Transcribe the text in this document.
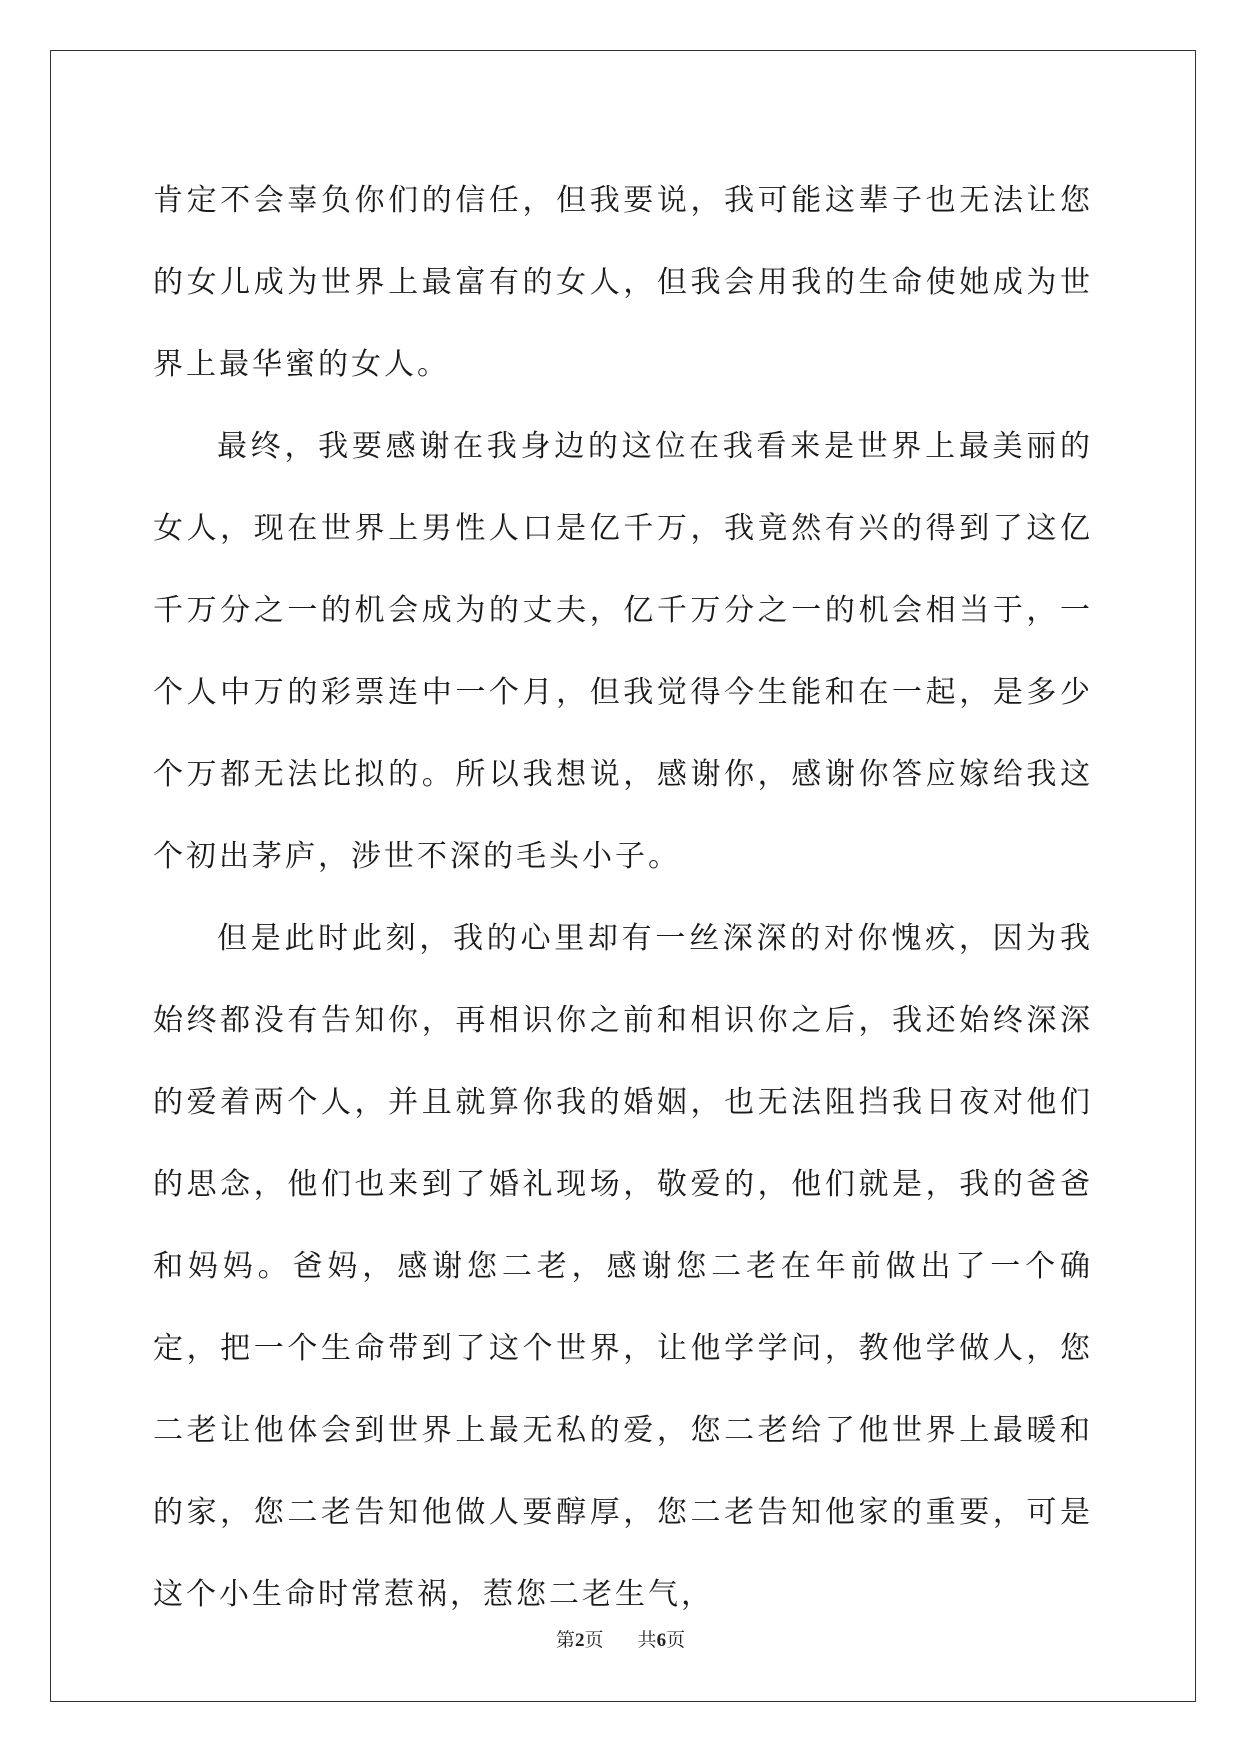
肯定不会辜负你们的信任，但我要说，我可能这辈子也无法让您的女儿成为世界上最富有的女人，但我会用我的生命使她成为世界上最华蜜的女人。

最终，我要感谢在我身边的这位在我看来是世界上最美丽的女人，现在世界上男性人口是亿千万，我竟然有兴的得到了这亿千万分之一的机会成为的丈夫，亿千万分之一的机会相当于，一个人中万的彩票连中一个月，但我觉得今生能和在一起，是多少个万都无法比拟的。所以我想说，感谢你，感谢你答应嫁给我这个初出茅庐，涉世不深的毛头小子。

但是此时此刻，我的心里却有一丝深深的对你愧疚，因为我始终都没有告知你，再相识你之前和相识你之后，我还始终深深的爱着两个人，并且就算你我的婚姻，也无法阻挡我日夜对他们的思念，他们也来到了婚礼现场，敬爱的，他们就是，我的爸爸和妈妈。爸妈，感谢您二老，感谢您二老在年前做出了一个确定，把一个生命带到了这个世界，让他学学问，教他学做人，您二老让他体会到世界上最无私的爱，您二老给了他世界上最暖和的家，您二老告知他做人要醇厚，您二老告知他家的重要，可是这个小生命时常惹祸，惹您二老生气，

第2页 共6页
